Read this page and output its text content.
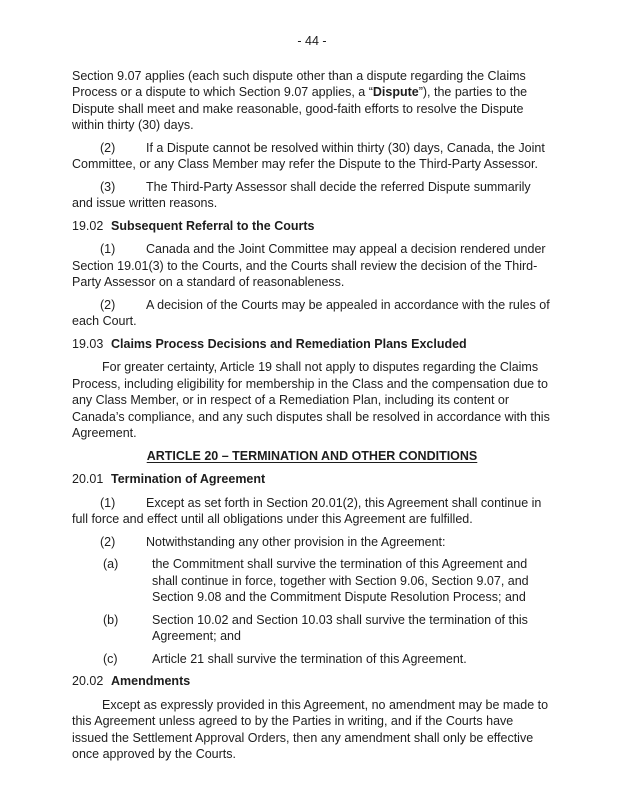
- 44 -

Section 9.07 applies (each such dispute other than a dispute regarding the Claims Process or a dispute to which Section 9.07 applies, a “Dispute”), the parties to the Dispute shall meet and make reasonable, good-faith efforts to resolve the Dispute within thirty (30) days.

(2) If a Dispute cannot be resolved within thirty (30) days, Canada, the Joint Committee, or any Class Member may refer the Dispute to the Third-Party Assessor.

(3) The Third-Party Assessor shall decide the referred Dispute summarily and issue written reasons.

19.02 Subsequent Referral to the Courts

(1) Canada and the Joint Committee may appeal a decision rendered under Section 19.01(3) to the Courts, and the Courts shall review the decision of the Third-Party Assessor on a standard of reasonableness.

(2) A decision of the Courts may be appealed in accordance with the rules of each Court.

19.03 Claims Process Decisions and Remediation Plans Excluded

For greater certainty, Article 19 shall not apply to disputes regarding the Claims Process, including eligibility for membership in the Class and the compensation due to any Class Member, or in respect of a Remediation Plan, including its content or Canada’s compliance, and any such disputes shall be resolved in accordance with this Agreement.

ARTICLE 20 – TERMINATION AND OTHER CONDITIONS
20.01 Termination of Agreement

(1) Except as set forth in Section 20.01(2), this Agreement shall continue in full force and effect until all obligations under this Agreement are fulfilled.

(2) Notwithstanding any other provision in the Agreement:

(a)	the Commitment shall survive the termination of this Agreement and shall continue in force, together with Section 9.06, Section 9.07, and Section 9.08 and the Commitment Dispute Resolution Process; and
(b)	Section 10.02 and Section 10.03 shall survive the termination of this Agreement; and
(c)	Article 21 shall survive the termination of this Agreement.
20.02 Amendments

Except as expressly provided in this Agreement, no amendment may be made to this Agreement unless agreed to by the Parties in writing, and if the Courts have issued the Settlement Approval Orders, then any amendment shall only be effective once approved by the Courts.
